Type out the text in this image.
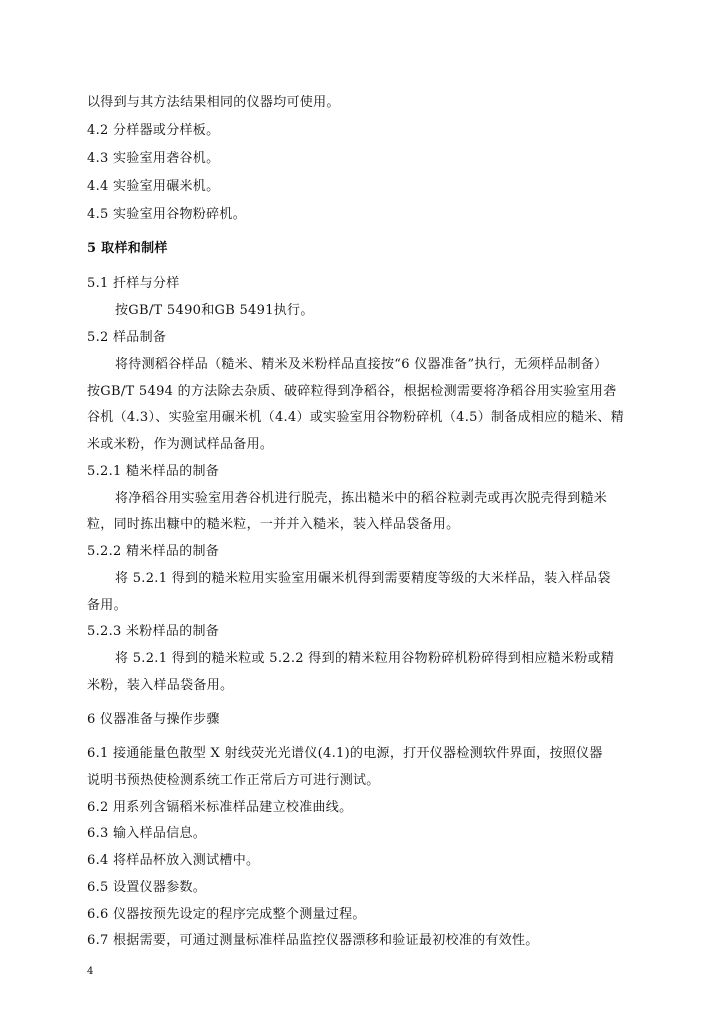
以得到与其方法结果相同的仪器均可使用。
4.2 分样器或分样板。
4.3 实验室用砻谷机。
4.4 实验室用碾米机。
4.5 实验室用谷物粉碎机。
5 取样和制样
5.1 扦样与分样
按GB/T 5490和GB 5491执行。
5.2 样品制备
将待测稻谷样品（糙米、精米及米粉样品直接按“6 仪器准备”执行，无须样品制备）
按GB/T 5494 的方法除去杂质、破碎粒得到净稻谷，根据检测需要将净稻谷用实验室用砻
谷机（4.3）、实验室用碾米机（4.4）或实验室用谷物粉碎机（4.5）制备成相应的糙米、精
米或米粉，作为测试样品备用。
5.2.1 糙米样品的制备
将净稻谷用实验室用砻谷机进行脱壳，拣出糙米中的稻谷粒剥壳或再次脱壳得到糙米
粒，同时拣出糠中的糙米粒，一并并入糙米，装入样品袋备用。
5.2.2 精米样品的制备
将 5.2.1 得到的糙米粒用实验室用碾米机得到需要精度等级的大米样品，装入样品袋
备用。
5.2.3 米粉样品的制备
将 5.2.1 得到的糙米粒或 5.2.2 得到的精米粒用谷物粉碎机粉碎得到相应糙米粉或精
米粉，装入样品袋备用。
6 仪器准备与操作步骤
6.1 接通能量色散型 X 射线荧光光谱仪(4.1)的电源，打开仪器检测软件界面，按照仪器
说明书预热使检测系统工作正常后方可进行测试。
6.2 用系列含镉稻米标准样品建立校准曲线。
6.3 输入样品信息。
6.4 将样品杯放入测试槽中。
6.5 设置仪器参数。
6.6 仪器按预先设定的程序完成整个测量过程。
6.7 根据需要，可通过测量标准样品监控仪器漂移和验证最初校准的有效性。
4
